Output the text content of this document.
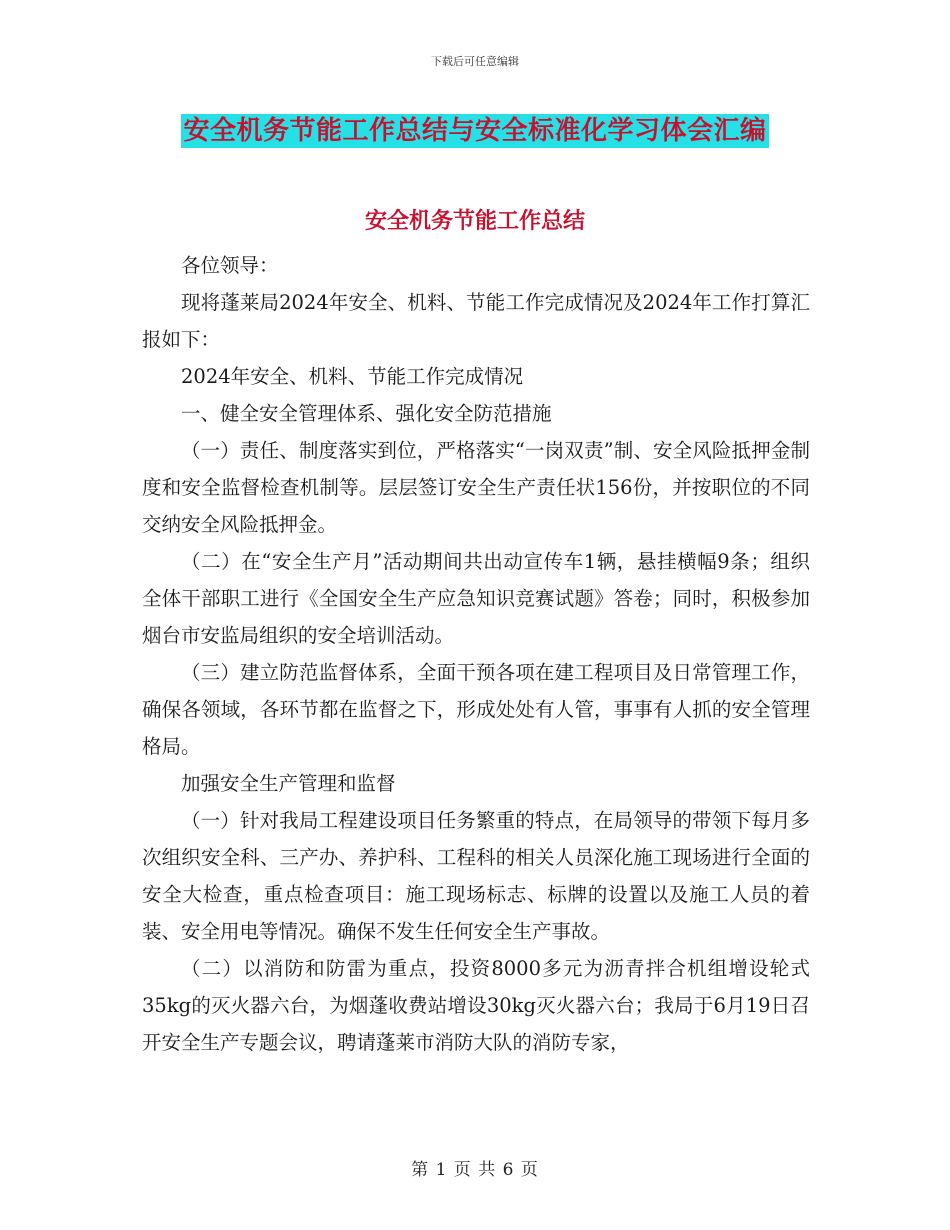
下载后可任意编辑
安全机务节能工作总结与安全标准化学习体会汇编
安全机务节能工作总结

各位领导：

现将蓬莱局2024年安全、机料、节能工作完成情况及2024年工作打算汇报如下：

2024年安全、机料、节能工作完成情况

一、健全安全管理体系、强化安全防范措施

（一）责任、制度落实到位，严格落实“一岗双责”制、安全风险抵押金制度和安全监督检查机制等。层层签订安全生产责任状156份，并按职位的不同交纳安全风险抵押金。

（二）在“安全生产月”活动期间共出动宣传车1辆，悬挂横幅9条；组织全体干部职工进行《全国安全生产应急知识竞赛试题》答卷；同时，积极参加烟台市安监局组织的安全培训活动。

（三）建立防范监督体系，全面干预各项在建工程项目及日常管理工作，确保各领域，各环节都在监督之下，形成处处有人管，事事有人抓的安全管理格局。

加强安全生产管理和监督

（一）针对我局工程建设项目任务繁重的特点，在局领导的带领下每月多次组织安全科、三产办、养护科、工程科的相关人员深化施工现场进行全面的安全大检查，重点检查项目：施工现场标志、标牌的设置以及施工人员的着装、安全用电等情况。确保不发生任何安全生产事故。

（二）以消防和防雷为重点，投资8000多元为沥青拌合机组增设轮式35kg的灭火器六台，为烟蓬收费站增设30kg灭火器六台；我局于6月19日召开安全生产专题会议，聘请蓬莱市消防大队的消防专家，

第 1 页 共 6 页
